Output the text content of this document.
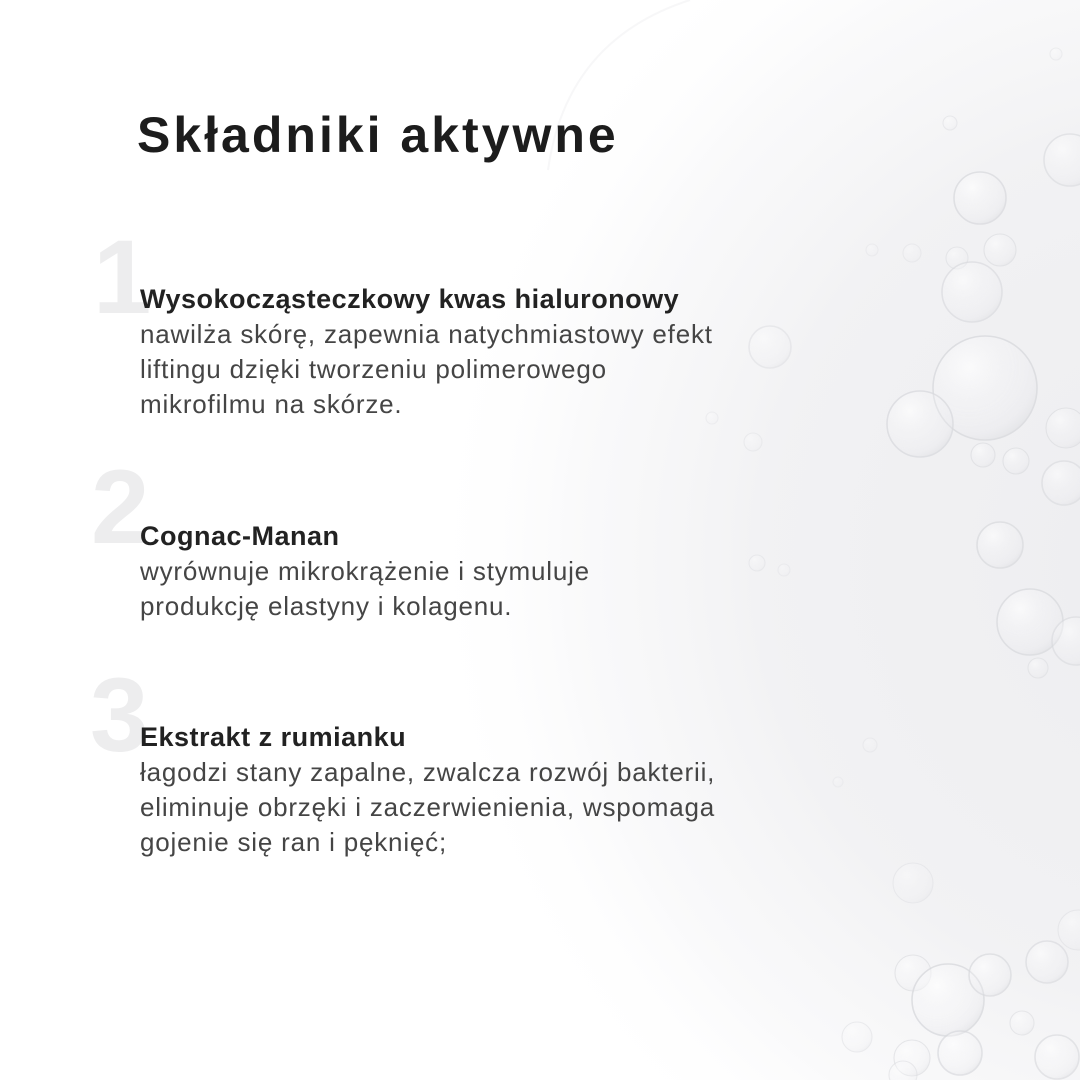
Składniki aktywne
1
2
3
Wysokocząsteczkowy kwas hialuronowy

nawilża skórę, zapewnia natychmiastowy efekt
liftingu dzięki tworzeniu polimerowego
mikrofilmu na skórze.

Cognac-Manan

wyrównuje mikrokrążenie i stymuluje
produkcję elastyny i kolagenu.

Ekstrakt z rumianku

łagodzi stany zapalne, zwalcza rozwój bakterii,
eliminuje obrzęki i zaczerwienienia, wspomaga
gojenie się ran i pęknięć;
